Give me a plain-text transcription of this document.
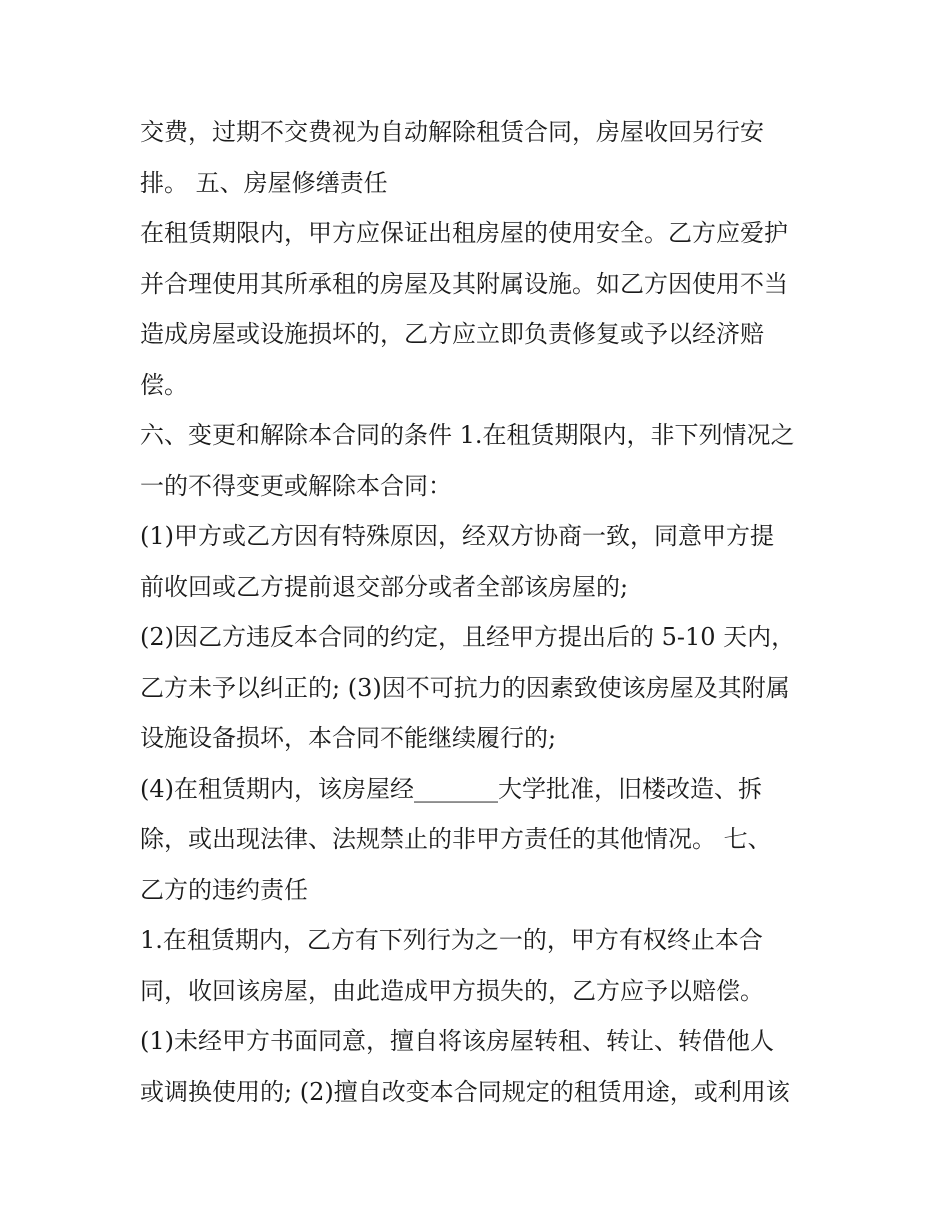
交费，过期不交费视为自动解除租赁合同，房屋收回另行安
排。 五、房屋修缮责任
在租赁期限内，甲方应保证出租房屋的使用安全。乙方应爱护
并合理使用其所承租的房屋及其附属设施。如乙方因使用不当
造成房屋或设施损坏的，乙方应立即负责修复或予以经济赔
偿。
六、变更和解除本合同的条件 1.在租赁期限内，非下列情况之
一的不得变更或解除本合同：
(1)甲方或乙方因有特殊原因，经双方协商一致，同意甲方提
前收回或乙方提前退交部分或者全部该房屋的;
(2)因乙方违反本合同的约定，且经甲方提出后的 5-10 天内，
乙方未予以纠正的; (3)因不可抗力的因素致使该房屋及其附属
设施设备损坏，本合同不能继续履行的;
(4)在租赁期内，该房屋经_______大学批准，旧楼改造、拆
除，或出现法律、法规禁止的非甲方责任的其他情况。 七、
乙方的违约责任
1.在租赁期内，乙方有下列行为之一的，甲方有权终止本合
同，收回该房屋，由此造成甲方损失的，乙方应予以赔偿。
(1)未经甲方书面同意，擅自将该房屋转租、转让、转借他人
或调换使用的; (2)擅自改变本合同规定的租赁用途，或利用该
